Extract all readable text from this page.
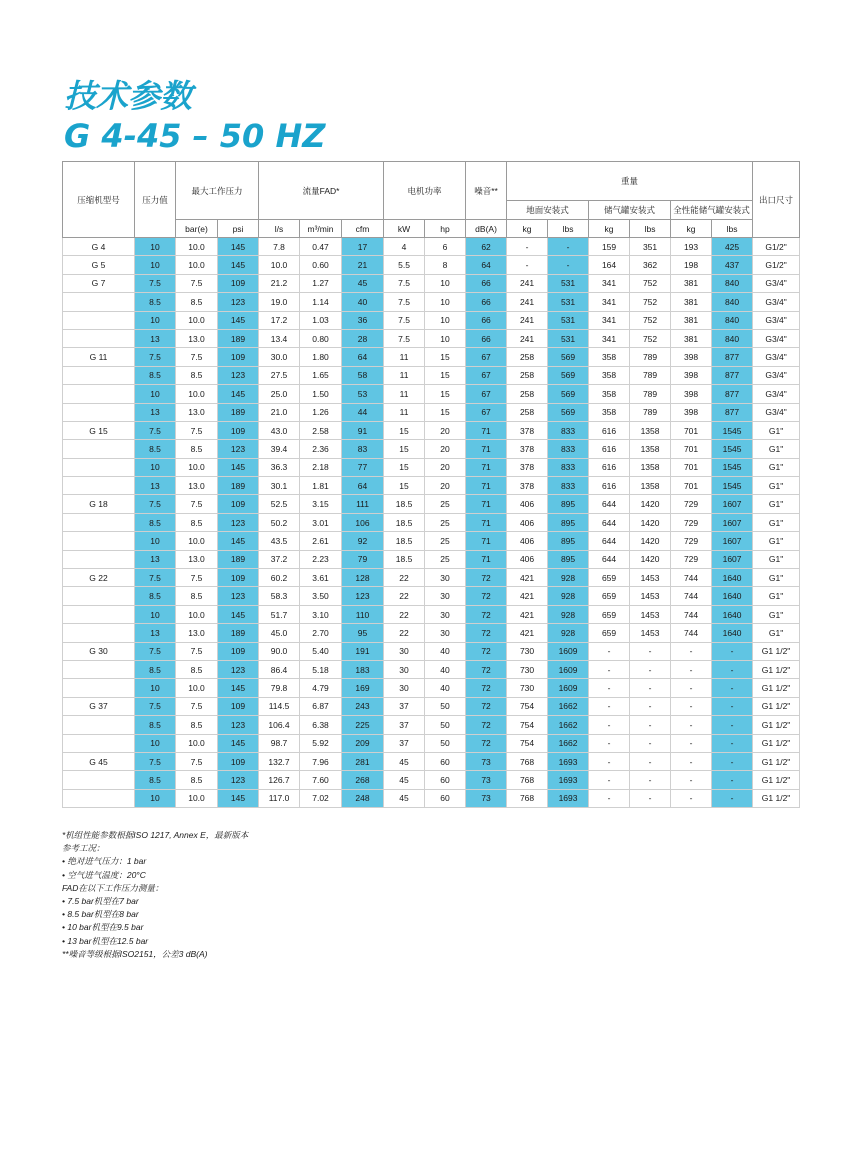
技术参数
G 4-45 – 50 HZ
压缩机型号	压力值	最大工作压力		流量FAD*			电机功率		噪音**	重量						出口尺寸
										地面安装式		储气罐安装式		全性能储气罐安装式		
		bar(e)	psi	l/s	m³/min	cfm	kW	hp	dB(A)	kg	lbs	kg	lbs	kg	lbs	
G 4	10	10.0	145	7.8	0.47	17	4	6	62	-	-	159	351	193	425	G1/2"
G 5	10	10.0	145	10.0	0.60	21	5.5	8	64	-	-	164	362	198	437	G1/2"
G 7	7.5	7.5	109	21.2	1.27	45	7.5	10	66	241	531	341	752	381	840	G3/4"
	8.5	8.5	123	19.0	1.14	40	7.5	10	66	241	531	341	752	381	840	G3/4"
	10	10.0	145	17.2	1.03	36	7.5	10	66	241	531	341	752	381	840	G3/4"
	13	13.0	189	13.4	0.80	28	7.5	10	66	241	531	341	752	381	840	G3/4"
G 11	7.5	7.5	109	30.0	1.80	64	11	15	67	258	569	358	789	398	877	G3/4"
	8.5	8.5	123	27.5	1.65	58	11	15	67	258	569	358	789	398	877	G3/4"
	10	10.0	145	25.0	1.50	53	11	15	67	258	569	358	789	398	877	G3/4"
	13	13.0	189	21.0	1.26	44	11	15	67	258	569	358	789	398	877	G3/4"
G 15	7.5	7.5	109	43.0	2.58	91	15	20	71	378	833	616	1358	701	1545	G1"
	8.5	8.5	123	39.4	2.36	83	15	20	71	378	833	616	1358	701	1545	G1"
	10	10.0	145	36.3	2.18	77	15	20	71	378	833	616	1358	701	1545	G1"
	13	13.0	189	30.1	1.81	64	15	20	71	378	833	616	1358	701	1545	G1"
G 18	7.5	7.5	109	52.5	3.15	111	18.5	25	71	406	895	644	1420	729	1607	G1"
	8.5	8.5	123	50.2	3.01	106	18.5	25	71	406	895	644	1420	729	1607	G1"
	10	10.0	145	43.5	2.61	92	18.5	25	71	406	895	644	1420	729	1607	G1"
	13	13.0	189	37.2	2.23	79	18.5	25	71	406	895	644	1420	729	1607	G1"
G 22	7.5	7.5	109	60.2	3.61	128	22	30	72	421	928	659	1453	744	1640	G1"
	8.5	8.5	123	58.3	3.50	123	22	30	72	421	928	659	1453	744	1640	G1"
	10	10.0	145	51.7	3.10	110	22	30	72	421	928	659	1453	744	1640	G1"
	13	13.0	189	45.0	2.70	95	22	30	72	421	928	659	1453	744	1640	G1"
G 30	7.5	7.5	109	90.0	5.40	191	30	40	72	730	1609	-	-	-	-	G1 1/2"
	8.5	8.5	123	86.4	5.18	183	30	40	72	730	1609	-	-	-	-	G1 1/2"
	10	10.0	145	79.8	4.79	169	30	40	72	730	1609	-	-	-	-	G1 1/2"
G 37	7.5	7.5	109	114.5	6.87	243	37	50	72	754	1662	-	-	-	-	G1 1/2"
	8.5	8.5	123	106.4	6.38	225	37	50	72	754	1662	-	-	-	-	G1 1/2"
	10	10.0	145	98.7	5.92	209	37	50	72	754	1662	-	-	-	-	G1 1/2"
G 45	7.5	7.5	109	132.7	7.96	281	45	60	73	768	1693	-	-	-	-	G1 1/2"
	8.5	8.5	123	126.7	7.60	268	45	60	73	768	1693	-	-	-	-	G1 1/2"
	10	10.0	145	117.0	7.02	248	45	60	73	768	1693	-	-	-	-	G1 1/2"
*机组性能参数根据ISO 1217, Annex E，最新版本
参考工况：
• 绝对进气压力：1 bar
• 空气进气温度：20°C
FAD在以下工作压力测量：
• 7.5 bar机型在7 bar
• 8.5 bar机型在8 bar
• 10 bar机型在9.5 bar
• 13 bar机型在12.5 bar
**噪音等级根据ISO2151，公差3 dB(A)
